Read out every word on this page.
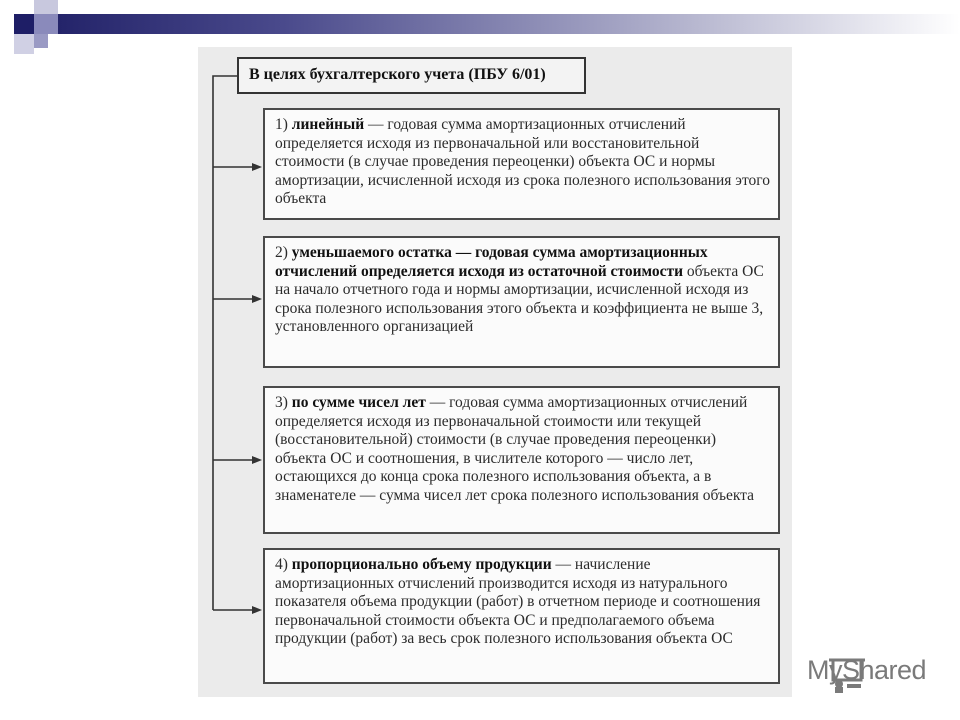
В целях бухгалтерского учета (ПБУ 6/01)
1) линейный — годовая сумма амортизационных отчислений определяется исходя из первоначальной или восстановительной стоимости (в случае проведения переоценки) объекта ОС и нормы амортизации, исчисленной исходя из срока полезного использования этого объекта
2) уменьшаемого остатка — годовая сумма амортизационных отчислений определяется исходя из остаточной стоимости объекта ОС на начало отчетного года и нормы амортизации, исчисленной исходя из срока полезного использования этого объекта и коэффициента не выше 3, установленного организацией
3) по сумме чисел лет — годовая сумма амортизационных отчислений определяется исходя из первоначальной стоимости или текущей (восстановительной) стоимости (в случае проведения переоценки) объекта ОС и соотношения, в числителе которого — число лет, остающихся до конца срока полезного использования объекта, а в знаменателе — сумма чисел лет срока полезного использования объекта
4) пропорционально объему продукции — начисление амортизационных отчислений производится исходя из натурального показателя объема продукции (работ) в отчетном периоде и соотношения первоначальной стоимости объекта ОС и предполагаемого объема продукции (работ) за весь срок полезного использования объекта ОС
MyShared
